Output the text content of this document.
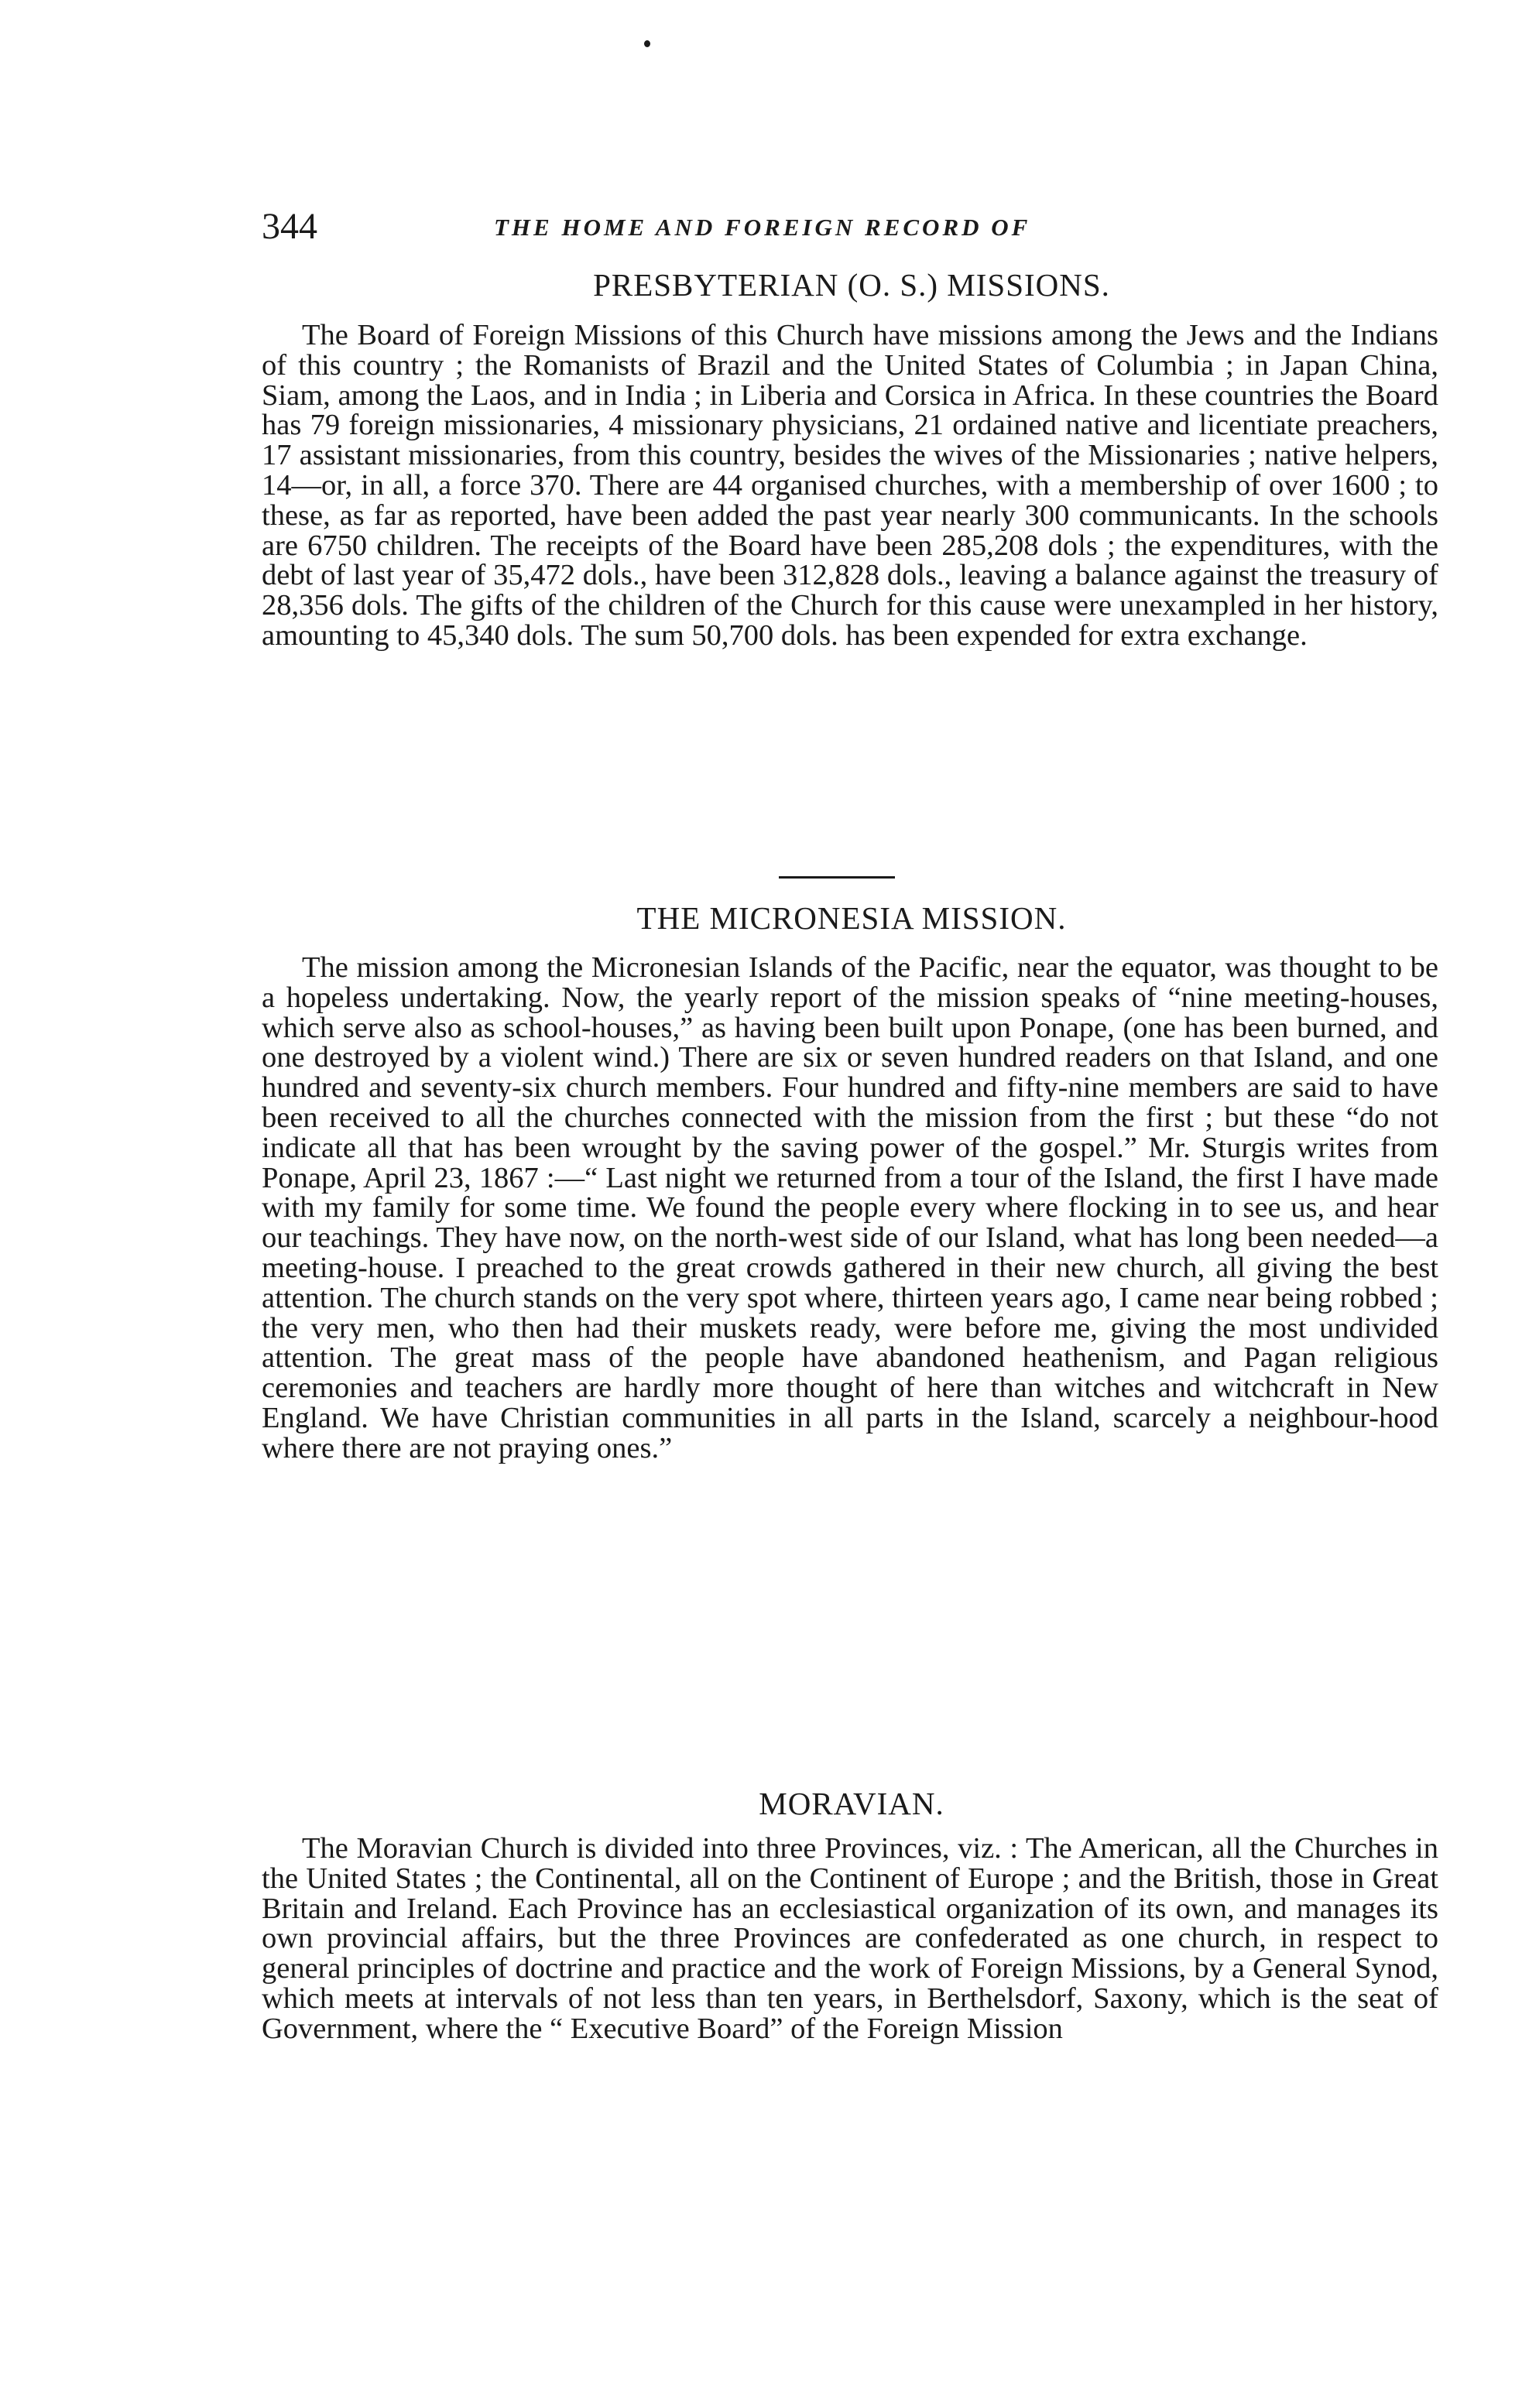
344	THE HOME AND FOREIGN RECORD OF
PRESBYTERIAN (O. S.) MISSIONS.

The Board of Foreign Missions of this Church have missions among the Jews and the Indians of this country ; the Romanists of Brazil and the United States of Columbia ; in Japan China, Siam, among the Laos, and in India ; in Liberia and Corsica in Africa. In these countries the Board has 79 foreign missionaries, 4 missionary physicians, 21 ordained native and licentiate preachers, 17 assistant missionaries, from this country, besides the wives of the Missionaries ; native helpers, 14—or, in all, a force 370. There are 44 organised churches, with a membership of over 1600 ; to these, as far as reported, have been added the past year nearly 300 communicants. In the schools are 6750 children. The receipts of the Board have been 285,208 dols ; the expenditures, with the debt of last year of 35,472 dols., have been 312,828 dols., leaving a balance against the treasury of 28,356 dols. The gifts of the children of the Church for this cause were unexampled in her history, amounting to 45,340 dols. The sum 50,700 dols. has been expended for extra exchange.

THE MICRONESIA MISSION.

The mission among the Micronesian Islands of the Pacific, near the equator, was thought to be a hopeless undertaking. Now, the yearly report of the mission speaks of “nine meeting-houses, which serve also as school-houses,” as having been built upon Ponape, (one has been burned, and one destroyed by a violent wind.) There are six or seven hundred readers on that Island, and one hundred and seventy-six church members. Four hundred and fifty-nine members are said to have been received to all the churches connected with the mission from the first ; but these “do not indicate all that has been wrought by the saving power of the gospel.” Mr. Sturgis writes from Ponape, April 23, 1867 :—“ Last night we returned from a tour of the Island, the first I have made with my family for some time. We found the people every where flocking in to see us, and hear our teachings. They have now, on the north-west side of our Island, what has long been needed—a meeting-house. I preached to the great crowds gathered in their new church, all giving the best attention. The church stands on the very spot where, thirteen years ago, I came near being robbed ; the very men, who then had their muskets ready, were before me, giving the most undivided attention. The great mass of the people have abandoned heathenism, and Pagan religious ceremonies and teachers are hardly more thought of here than witches and witchcraft in New England. We have Christian communities in all parts in the Island, scarcely a neighbour-hood where there are not praying ones.”

MORAVIAN.

The Moravian Church is divided into three Provinces, viz. : The American, all the Churches in the United States ; the Continental, all on the Continent of Europe ; and the British, those in Great Britain and Ireland. Each Province has an ecclesiastical organization of its own, and manages its own provincial affairs, but the three Provinces are confederated as one church, in respect to general principles of doctrine and practice and the work of Foreign Missions, by a General Synod, which meets at intervals of not less than ten years, in Berthelsdorf, Saxony, which is the seat of Government, where the “ Executive Board” of the Foreign Mission
